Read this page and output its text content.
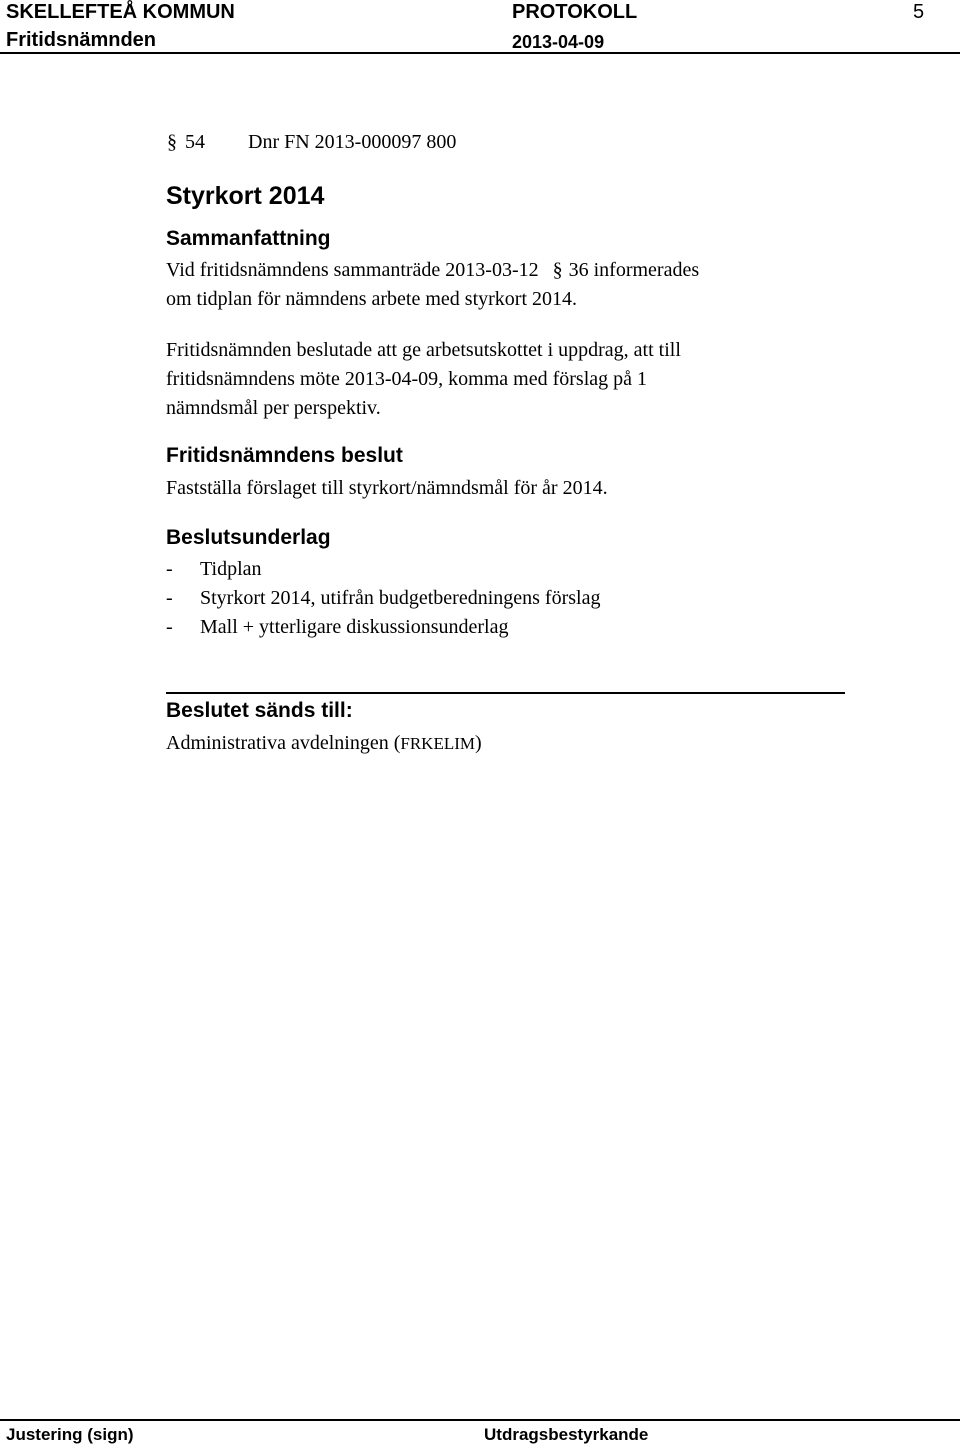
SKELLEFTEÅ KOMMUN
Fritidsnämnden
PROTOKOLL
2013-04-09
5
§ 54 Dnr FN 2013-000097 800
Styrkort 2014
Sammanfattning
Vid fritidsnämndens sammanträde 2013-03-12 § 36 informerades
om tidplan för nämndens arbete med styrkort 2014.
Fritidsnämnden beslutade att ge arbetsutskottet i uppdrag, att till
fritidsnämndens möte 2013-04-09, komma med förslag på 1
nämndsmål per perspektiv.
Fritidsnämndens beslut
Fastställa förslaget till styrkort/nämndsmål för år 2014.
Beslutsunderlag
- Tidplan
- Styrkort 2014, utifrån budgetberedningens förslag
- Mall + ytterligare diskussionsunderlag
Beslutet sänds till:
Administrativa avdelningen (FRKELIM)
Justering (sign)	Utdragsbestyrkande
